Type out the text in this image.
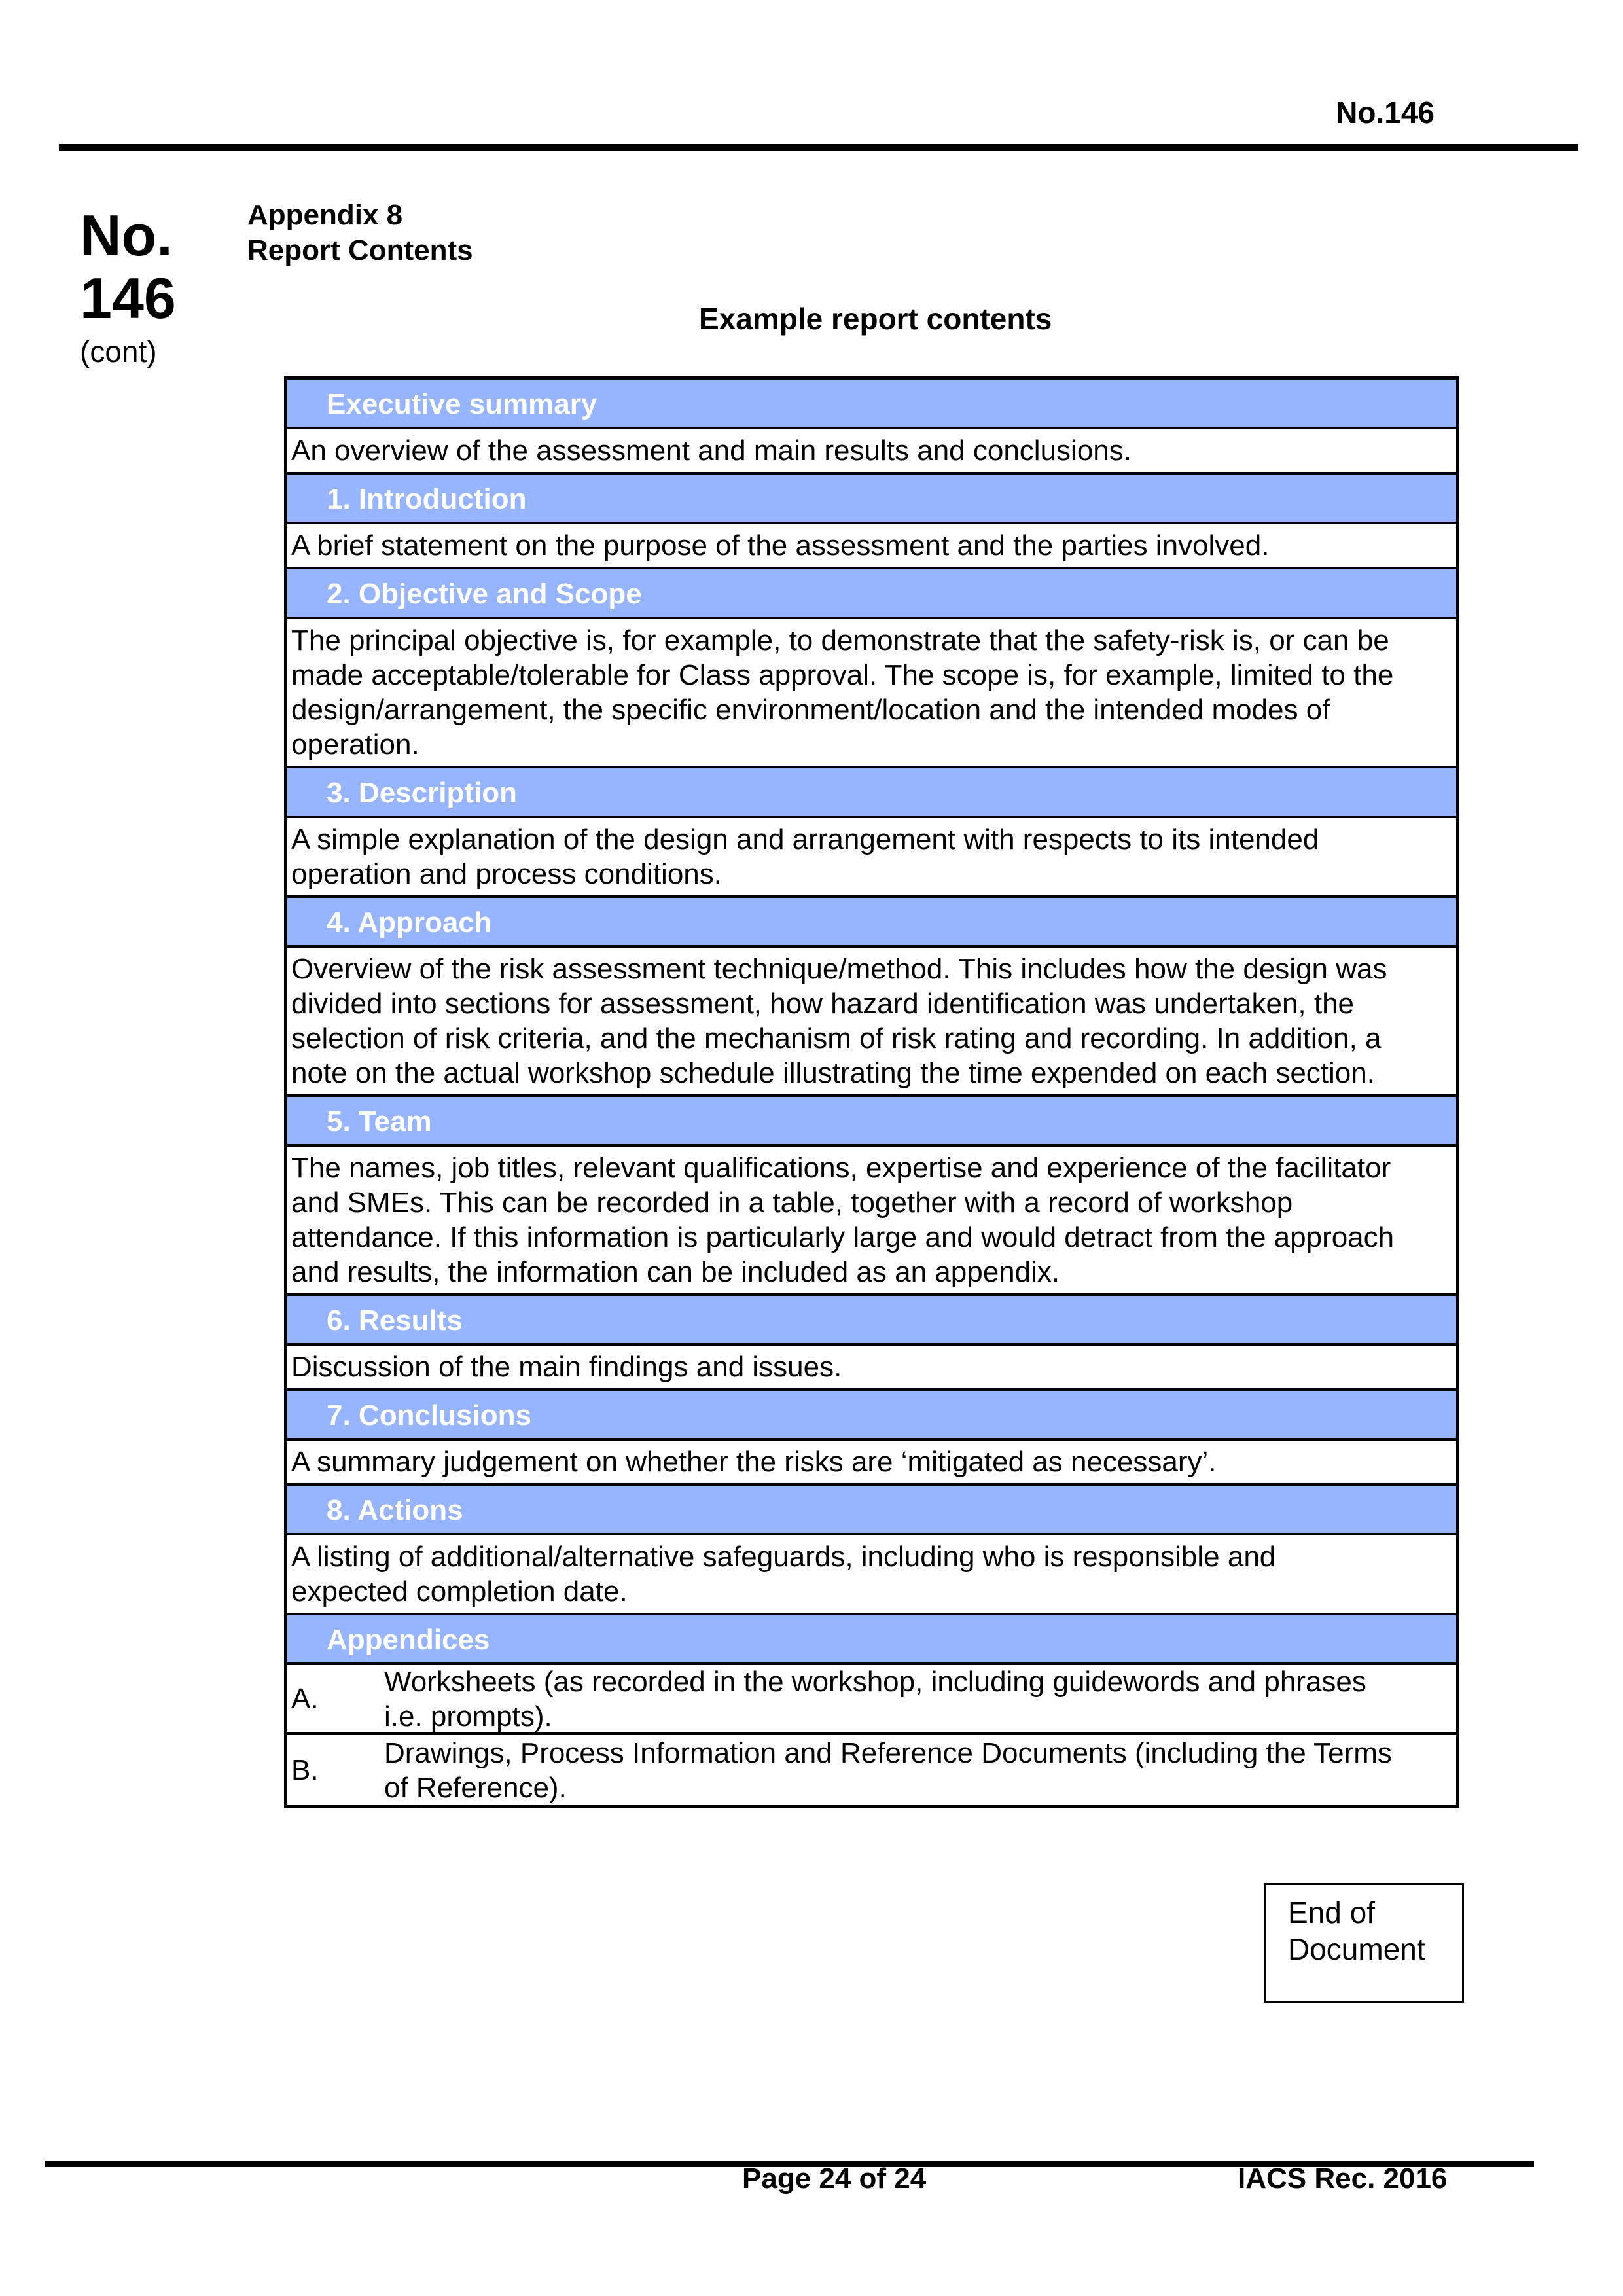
No.146
No.
146
(cont)
Appendix 8
Report Contents
Example report contents
Executive summary
An overview of the assessment and main results and conclusions.
1. Introduction
A brief statement on the purpose of the assessment and the parties involved.
2. Objective and Scope
The principal objective is, for example, to demonstrate that the safety-risk is, or can be
made acceptable/tolerable for Class approval. The scope is, for example, limited to the
design/arrangement, the specific environment/location and the intended modes of
operation.
3. Description
A simple explanation of the design and arrangement with respects to its intended
operation and process conditions.
4. Approach
Overview of the risk assessment technique/method. This includes how the design was
divided into sections for assessment, how hazard identification was undertaken, the
selection of risk criteria, and the mechanism of risk rating and recording. In addition, a
note on the actual workshop schedule illustrating the time expended on each section.
5. Team
The names, job titles, relevant qualifications, expertise and experience of the facilitator
and SMEs. This can be recorded in a table, together with a record of workshop
attendance. If this information is particularly large and would detract from the approach
and results, the information can be included as an appendix.
6. Results
Discussion of the main findings and issues.
7. Conclusions
A summary judgement on whether the risks are ‘mitigated as necessary’.
8. Actions
A listing of additional/alternative safeguards, including who is responsible and
expected completion date.
Appendices
A.
Worksheets (as recorded in the workshop, including guidewords and phrases
i.e. prompts).
B.
Drawings, Process Information and Reference Documents (including the Terms
of Reference).
End of
Document
Page 24 of 24	IACS Rec. 2016
